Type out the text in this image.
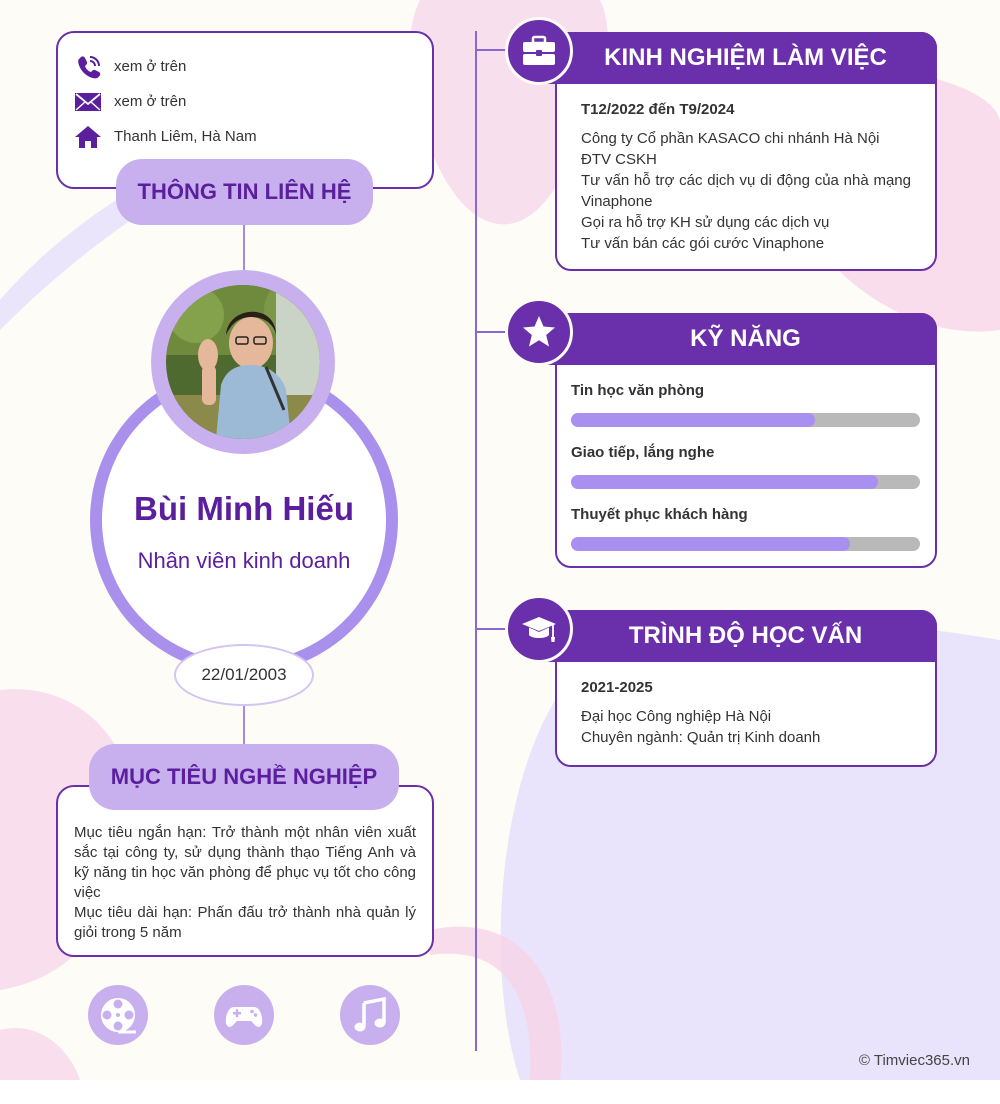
xem ở trên
xem ở trên
Thanh Liêm, Hà Nam
THÔNG TIN LIÊN HỆ
Bùi Minh Hiếu
Nhân viên kinh doanh
22/01/2003

Mục tiêu ngắn hạn: Trở thành một nhân viên xuất sắc tại công ty, sử dụng thành thạo Tiếng Anh và kỹ năng tin học văn phòng để phục vụ tốt cho công việc

Mục tiêu dài hạn: Phấn đấu trở thành nhà quản lý giỏi trong 5 năm

MỤC TIÊU NGHỀ NGHIỆP
KINH NGHIỆM LÀM VIỆC
T12/2022 đến T9/2024
Công ty Cổ phần KASACO chi nhánh Hà Nội
ĐTV CSKH
Tư vấn hỗ trợ các dịch vụ di động của nhà mạng Vinaphone
Gọi ra hỗ trợ KH sử dụng các dịch vụ
Tư vấn bán các gói cước Vinaphone
KỸ NĂNG
Tin học văn phòng
Giao tiếp, lắng nghe
Thuyết phục khách hàng
TRÌNH ĐỘ HỌC VẤN
2021-2025
Đại học Công nghiệp Hà Nội
Chuyên ngành: Quản trị Kinh doanh
© Timviec365.vn
